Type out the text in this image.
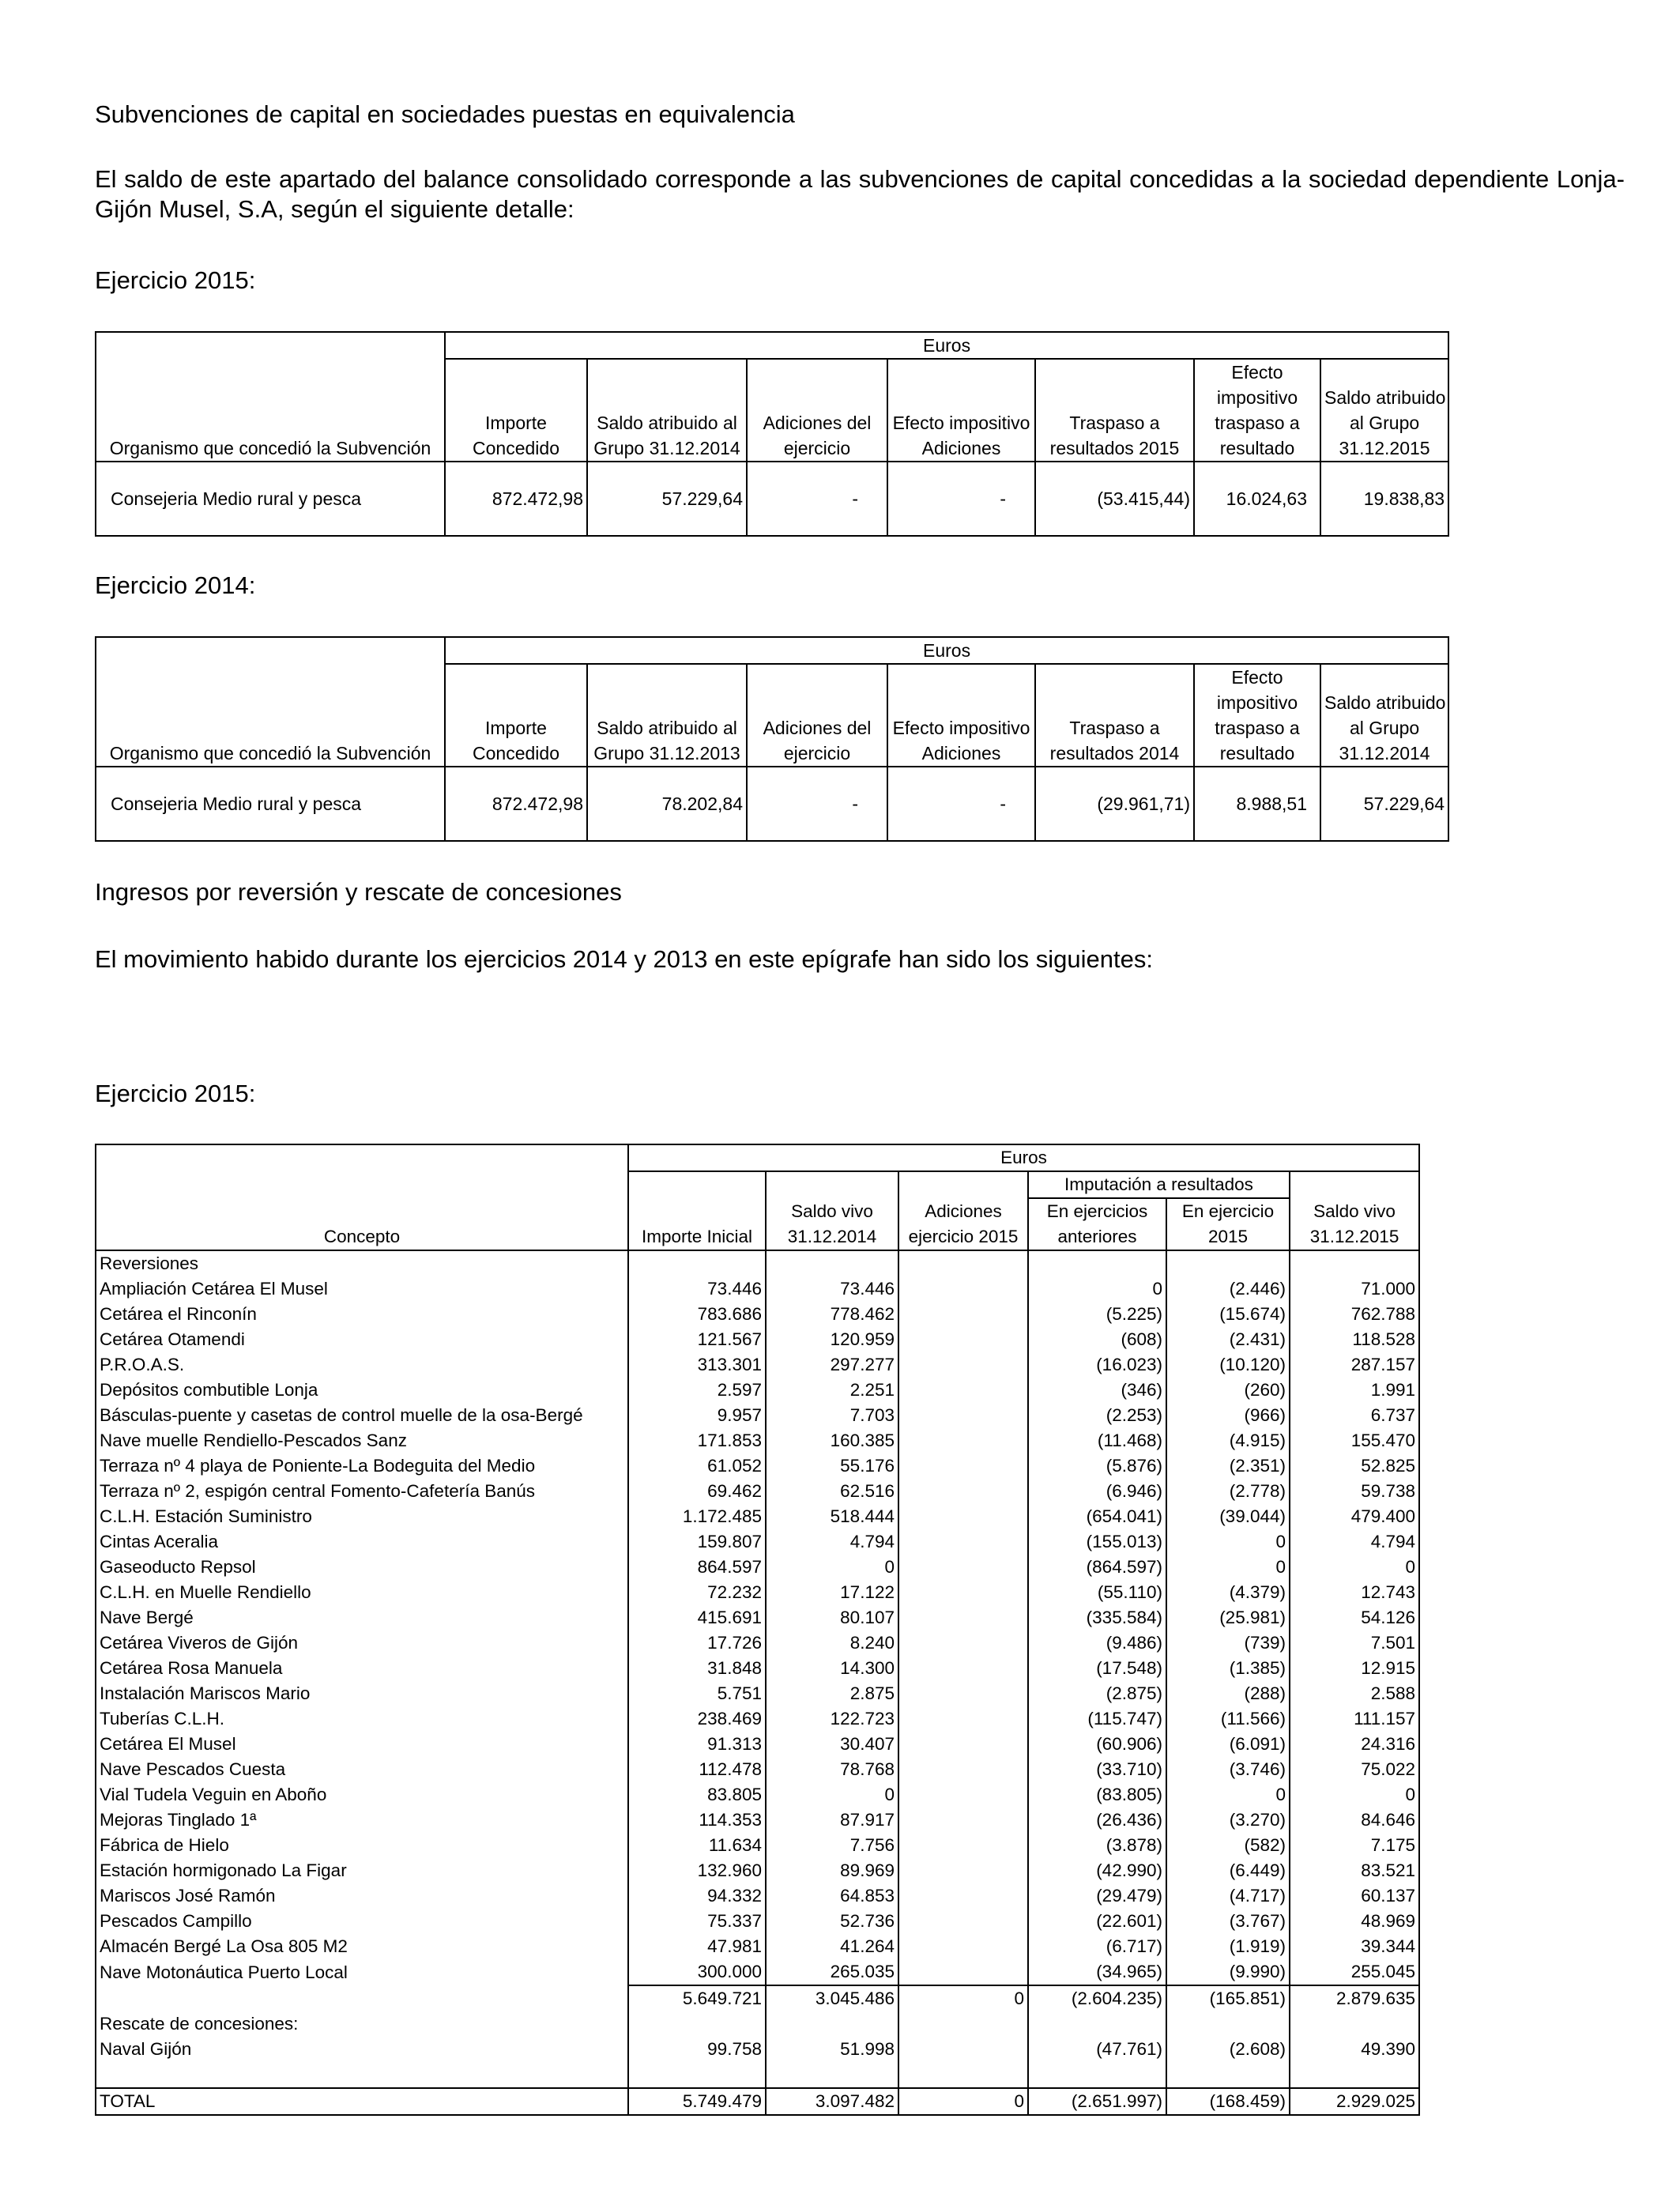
Subvenciones de capital en sociedades puestas en equivalencia

El saldo de este apartado del balance consolidado corresponde a las subvenciones de capital concedidas a la sociedad dependiente Lonja-Gijón Musel, S.A, según el siguiente detalle:

Ejercicio 2015:

	Euros						
						Efecto	
						impositivo	Saldo atribuido
	Importe	Saldo atribuido al	Adiciones del	Efecto impositivo	Traspaso a	traspaso a	al Grupo
Organismo que concedió la Subvención	Concedido	Grupo 31.12.2014	ejercicio	Adiciones	resultados 2015	resultado	31.12.2015
Consejeria Medio rural y pesca	872.472,98	57.229,64	-	-	(53.415,44)	16.024,63	19.838,83

Ejercicio 2014:

	Euros						
						Efecto	
						impositivo	Saldo atribuido
	Importe	Saldo atribuido al	Adiciones del	Efecto impositivo	Traspaso a	traspaso a	al Grupo
Organismo que concedió la Subvención	Concedido	Grupo 31.12.2013	ejercicio	Adiciones	resultados 2014	resultado	31.12.2014
Consejeria Medio rural y pesca	872.472,98	78.202,84	-	-	(29.961,71)	8.988,51	57.229,64

Ingresos por reversión y rescate de concesiones

El movimiento habido durante los ejercicios 2014 y 2013 en este epígrafe han sido los siguientes:

Ejercicio 2015:

	Euros					
				Imputación a resultados		
		Saldo vivo	Adiciones	En ejercicios	En ejercicio	Saldo vivo
Concepto	Importe Inicial	31.12.2014	ejercicio 2015	anteriores	2015	31.12.2015
Reversiones						
Ampliación Cetárea El Musel	73.446	73.446		0	(2.446)	71.000
Cetárea el Rinconín	783.686	778.462		(5.225)	(15.674)	762.788
Cetárea Otamendi	121.567	120.959		(608)	(2.431)	118.528
P.R.O.A.S.	313.301	297.277		(16.023)	(10.120)	287.157
Depósitos combutible Lonja	2.597	2.251		(346)	(260)	1.991
Básculas-puente y casetas de control muelle de la osa-Bergé	9.957	7.703		(2.253)	(966)	6.737
Nave muelle Rendiello-Pescados Sanz	171.853	160.385		(11.468)	(4.915)	155.470
Terraza nº 4 playa de Poniente-La Bodeguita del Medio	61.052	55.176		(5.876)	(2.351)	52.825
Terraza nº 2, espigón central Fomento-Cafetería Banús	69.462	62.516		(6.946)	(2.778)	59.738
C.L.H. Estación Suministro	1.172.485	518.444		(654.041)	(39.044)	479.400
Cintas Aceralia	159.807	4.794		(155.013)	0	4.794
Gaseoducto Repsol	864.597	0		(864.597)	0	0
C.L.H. en Muelle Rendiello	72.232	17.122		(55.110)	(4.379)	12.743
Nave Bergé	415.691	80.107		(335.584)	(25.981)	54.126
Cetárea Viveros de Gijón	17.726	8.240		(9.486)	(739)	7.501
Cetárea Rosa Manuela	31.848	14.300		(17.548)	(1.385)	12.915
Instalación Mariscos Mario	5.751	2.875		(2.875)	(288)	2.588
Tuberías C.L.H.	238.469	122.723		(115.747)	(11.566)	111.157
Cetárea El Musel	91.313	30.407		(60.906)	(6.091)	24.316
Nave Pescados Cuesta	112.478	78.768		(33.710)	(3.746)	75.022
Vial Tudela Veguin en Aboño	83.805	0		(83.805)	0	0
Mejoras Tinglado 1ª	114.353	87.917		(26.436)	(3.270)	84.646
Fábrica de Hielo	11.634	7.756		(3.878)	(582)	7.175
Estación hormigonado La Figar	132.960	89.969		(42.990)	(6.449)	83.521
Mariscos José Ramón	94.332	64.853		(29.479)	(4.717)	60.137
Pescados Campillo	75.337	52.736		(22.601)	(3.767)	48.969
Almacén Bergé La Osa 805 M2	47.981	41.264		(6.717)	(1.919)	39.344
Nave Motonáutica Puerto Local	300.000	265.035		(34.965)	(9.990)	255.045
	5.649.721	3.045.486	0	(2.604.235)	(165.851)	2.879.635
Rescate de concesiones:						
Naval Gijón	99.758	51.998		(47.761)	(2.608)	49.390

TOTAL	5.749.479	3.097.482	0	(2.651.997)	(168.459)	2.929.025
